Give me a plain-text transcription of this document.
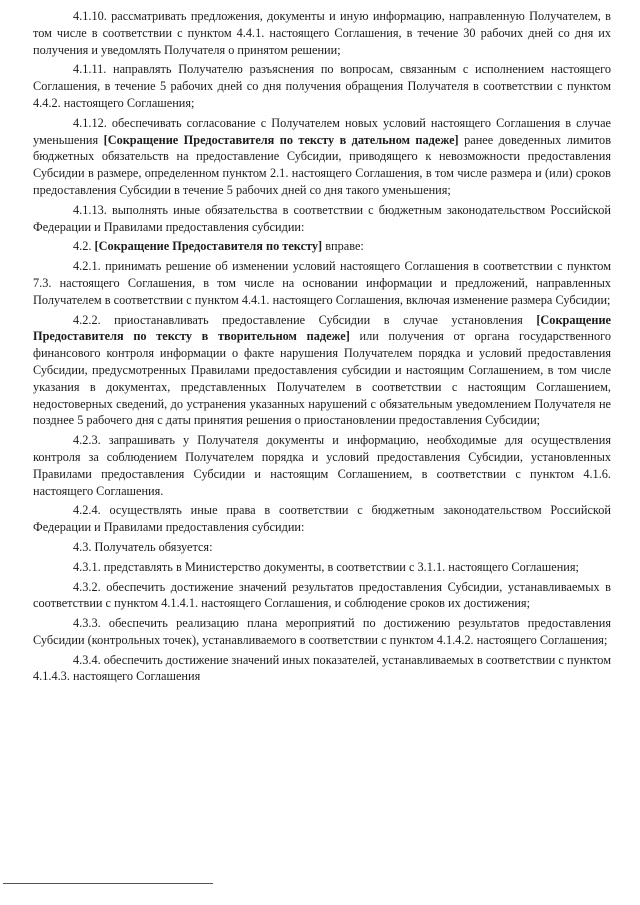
4.1.10. рассматривать предложения, документы и иную информацию, направленную Получателем, в том числе в соответствии с пунктом 4.4.1. настоящего Соглашения, в течение 30 рабочих дней со дня их получения и уведомлять Получателя о принятом решении;

4.1.11. направлять Получателю разъяснения по вопросам, связанным с исполнением настоящего Соглашения, в течение 5 рабочих дней со дня получения обращения Получателя в соответствии с пунктом 4.4.2. настоящего Соглашения;

4.1.12. обеспечивать согласование с Получателем новых условий настоящего Соглашения в случае уменьшения [Сокращение Предоставителя по тексту в дательном падеже] ранее доведенных лимитов бюджетных обязательств на предоставление Субсидии, приводящего к невозможности предоставления Субсидии в размере, определенном пунктом 2.1. настоящего Соглашения, в том числе размера и (или) сроков предоставления Субсидии в течение 5 рабочих дней со дня такого уменьшения;

4.1.13. выполнять иные обязательства в соответствии с бюджетным законодательством Российской Федерации и Правилами предоставления субсидии:

4.2. [Сокращение Предоставителя по тексту] вправе:

4.2.1. принимать решение об изменении условий настоящего Соглашения в соответствии с пунктом 7.3. настоящего Соглашения, в том числе на основании информации и предложений, направленных Получателем в соответствии с пунктом 4.4.1. настоящего Соглашения, включая изменение размера Субсидии;

4.2.2. приостанавливать предоставление Субсидии в случае установления [Сокращение Предоставителя по тексту в творительном падеже] или получения от органа государственного финансового контроля информации о факте нарушения Получателем порядка и условий предоставления Субсидии, предусмотренных Правилами предоставления субсидии и настоящим Соглашением, в том числе указания в документах, представленных Получателем в соответствии с настоящим Соглашением, недостоверных сведений, до устранения указанных нарушений с обязательным уведомлением Получателя не позднее 5 рабочего дня с даты принятия решения о приостановлении предоставления Субсидии;

4.2.3. запрашивать у Получателя документы и информацию, необходимые для осуществления контроля за соблюдением Получателем порядка и условий предоставления Субсидии, установленных Правилами предоставления Субсидии и настоящим Соглашением, в соответствии с пунктом 4.1.6. настоящего Соглашения.

4.2.4. осуществлять иные права в соответствии с бюджетным законодательством Российской Федерации и Правилами предоставления субсидии:

4.3. Получатель обязуется:

4.3.1. представлять в Министерство документы, в соответствии с 3.1.1. настоящего Соглашения;

4.3.2. обеспечить достижение значений результатов предоставления Субсидии, устанавливаемых в соответствии с пунктом 4.1.4.1. настоящего Соглашения, и соблюдение сроков их достижения;

4.3.3. обеспечить реализацию плана мероприятий по достижению результатов предоставления Субсидии (контрольных точек), устанавливаемого в соответствии с пунктом 4.1.4.2. настоящего Соглашения;

4.3.4. обеспечить достижение значений иных показателей, устанавливаемых в соответствии с пунктом 4.1.4.3. настоящего Соглашения
